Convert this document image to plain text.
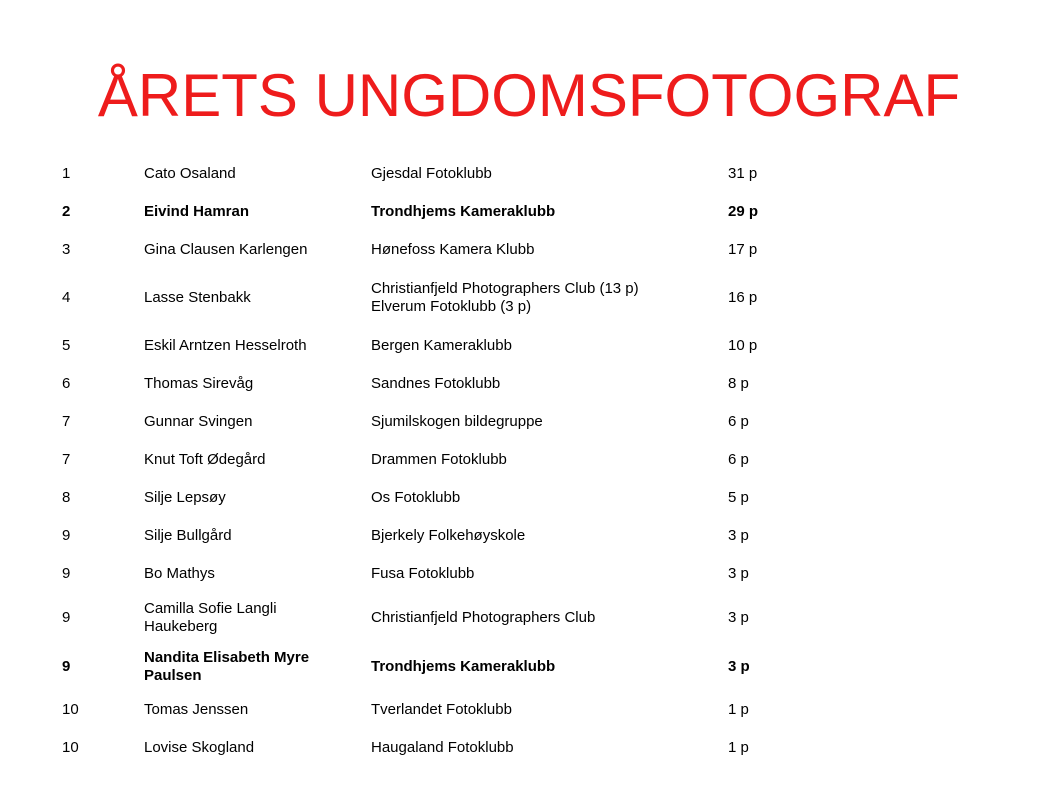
ÅRETS UNGDOMSFOTOGRAF
1	Cato Osaland	Gjesdal Fotoklubb	31 p
2	Eivind Hamran	Trondhjems Kameraklubb	29 p
3	Gina Clausen Karlengen	Hønefoss Kamera Klubb	17 p
4	Lasse Stenbakk	Christianfjeld Photographers Club (13 p)
Elverum Fotoklubb (3 p)	16 p
5	Eskil Arntzen Hesselroth	Bergen Kameraklubb	10 p
6	Thomas Sirevåg	Sandnes Fotoklubb	8 p
7	Gunnar Svingen	Sjumilskogen bildegruppe	6 p
7	Knut Toft Ødegård	Drammen Fotoklubb	6 p
8	Silje Lepsøy	Os Fotoklubb	5 p
9	Silje Bullgård	Bjerkely Folkehøyskole	3 p
9	Bo Mathys	Fusa Fotoklubb	3 p
9	Camilla Sofie Langli
Haukeberg	Christianfjeld Photographers Club	3 p
9	Nandita Elisabeth Myre
Paulsen	Trondhjems Kameraklubb	3 p
10	Tomas Jenssen	Tverlandet Fotoklubb	1 p
10	Lovise Skogland	Haugaland Fotoklubb	1 p
